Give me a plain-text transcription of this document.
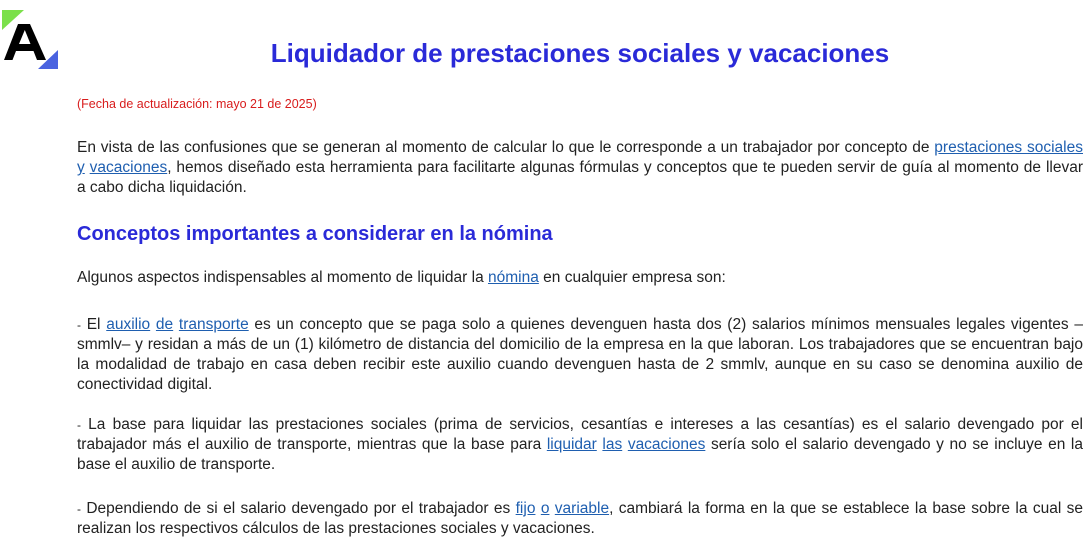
Liquidador de prestaciones sociales y vacaciones
(Fecha de actualización: mayo 21 de 2025)

En vista de las confusiones que se generan al momento de calcular lo que le corresponde a un trabajador por concepto de prestaciones sociales y vacaciones, hemos diseñado esta herramienta para facilitarte algunas fórmulas y conceptos que te pueden servir de guía al momento de llevar a cabo dicha liquidación.

Conceptos importantes a considerar en la nómina

Algunos aspectos indispensables al momento de liquidar la nómina en cualquier empresa son:

- El auxilio de transporte es un concepto que se paga solo a quienes devenguen hasta dos (2) salarios mínimos mensuales legales vigentes –smmlv– y residan a más de un (1) kilómetro de distancia del domicilio de la empresa en la que laboran. Los trabajadores que se encuentran bajo la modalidad de trabajo en casa deben recibir este auxilio cuando devenguen hasta de 2 smmlv, aunque en su caso se denomina auxilio de conectividad digital.

- La base para liquidar las prestaciones sociales (prima de servicios, cesantías e intereses a las cesantías) es el salario devengado por el trabajador más el auxilio de transporte, mientras que la base para liquidar las vacaciones sería solo el salario devengado y no se incluye en la base el auxilio de transporte.

- Dependiendo de si el salario devengado por el trabajador es fijo o variable, cambiará la forma en la que se establece la base sobre la cual se realizan los respectivos cálculos de las prestaciones sociales y vacaciones.
